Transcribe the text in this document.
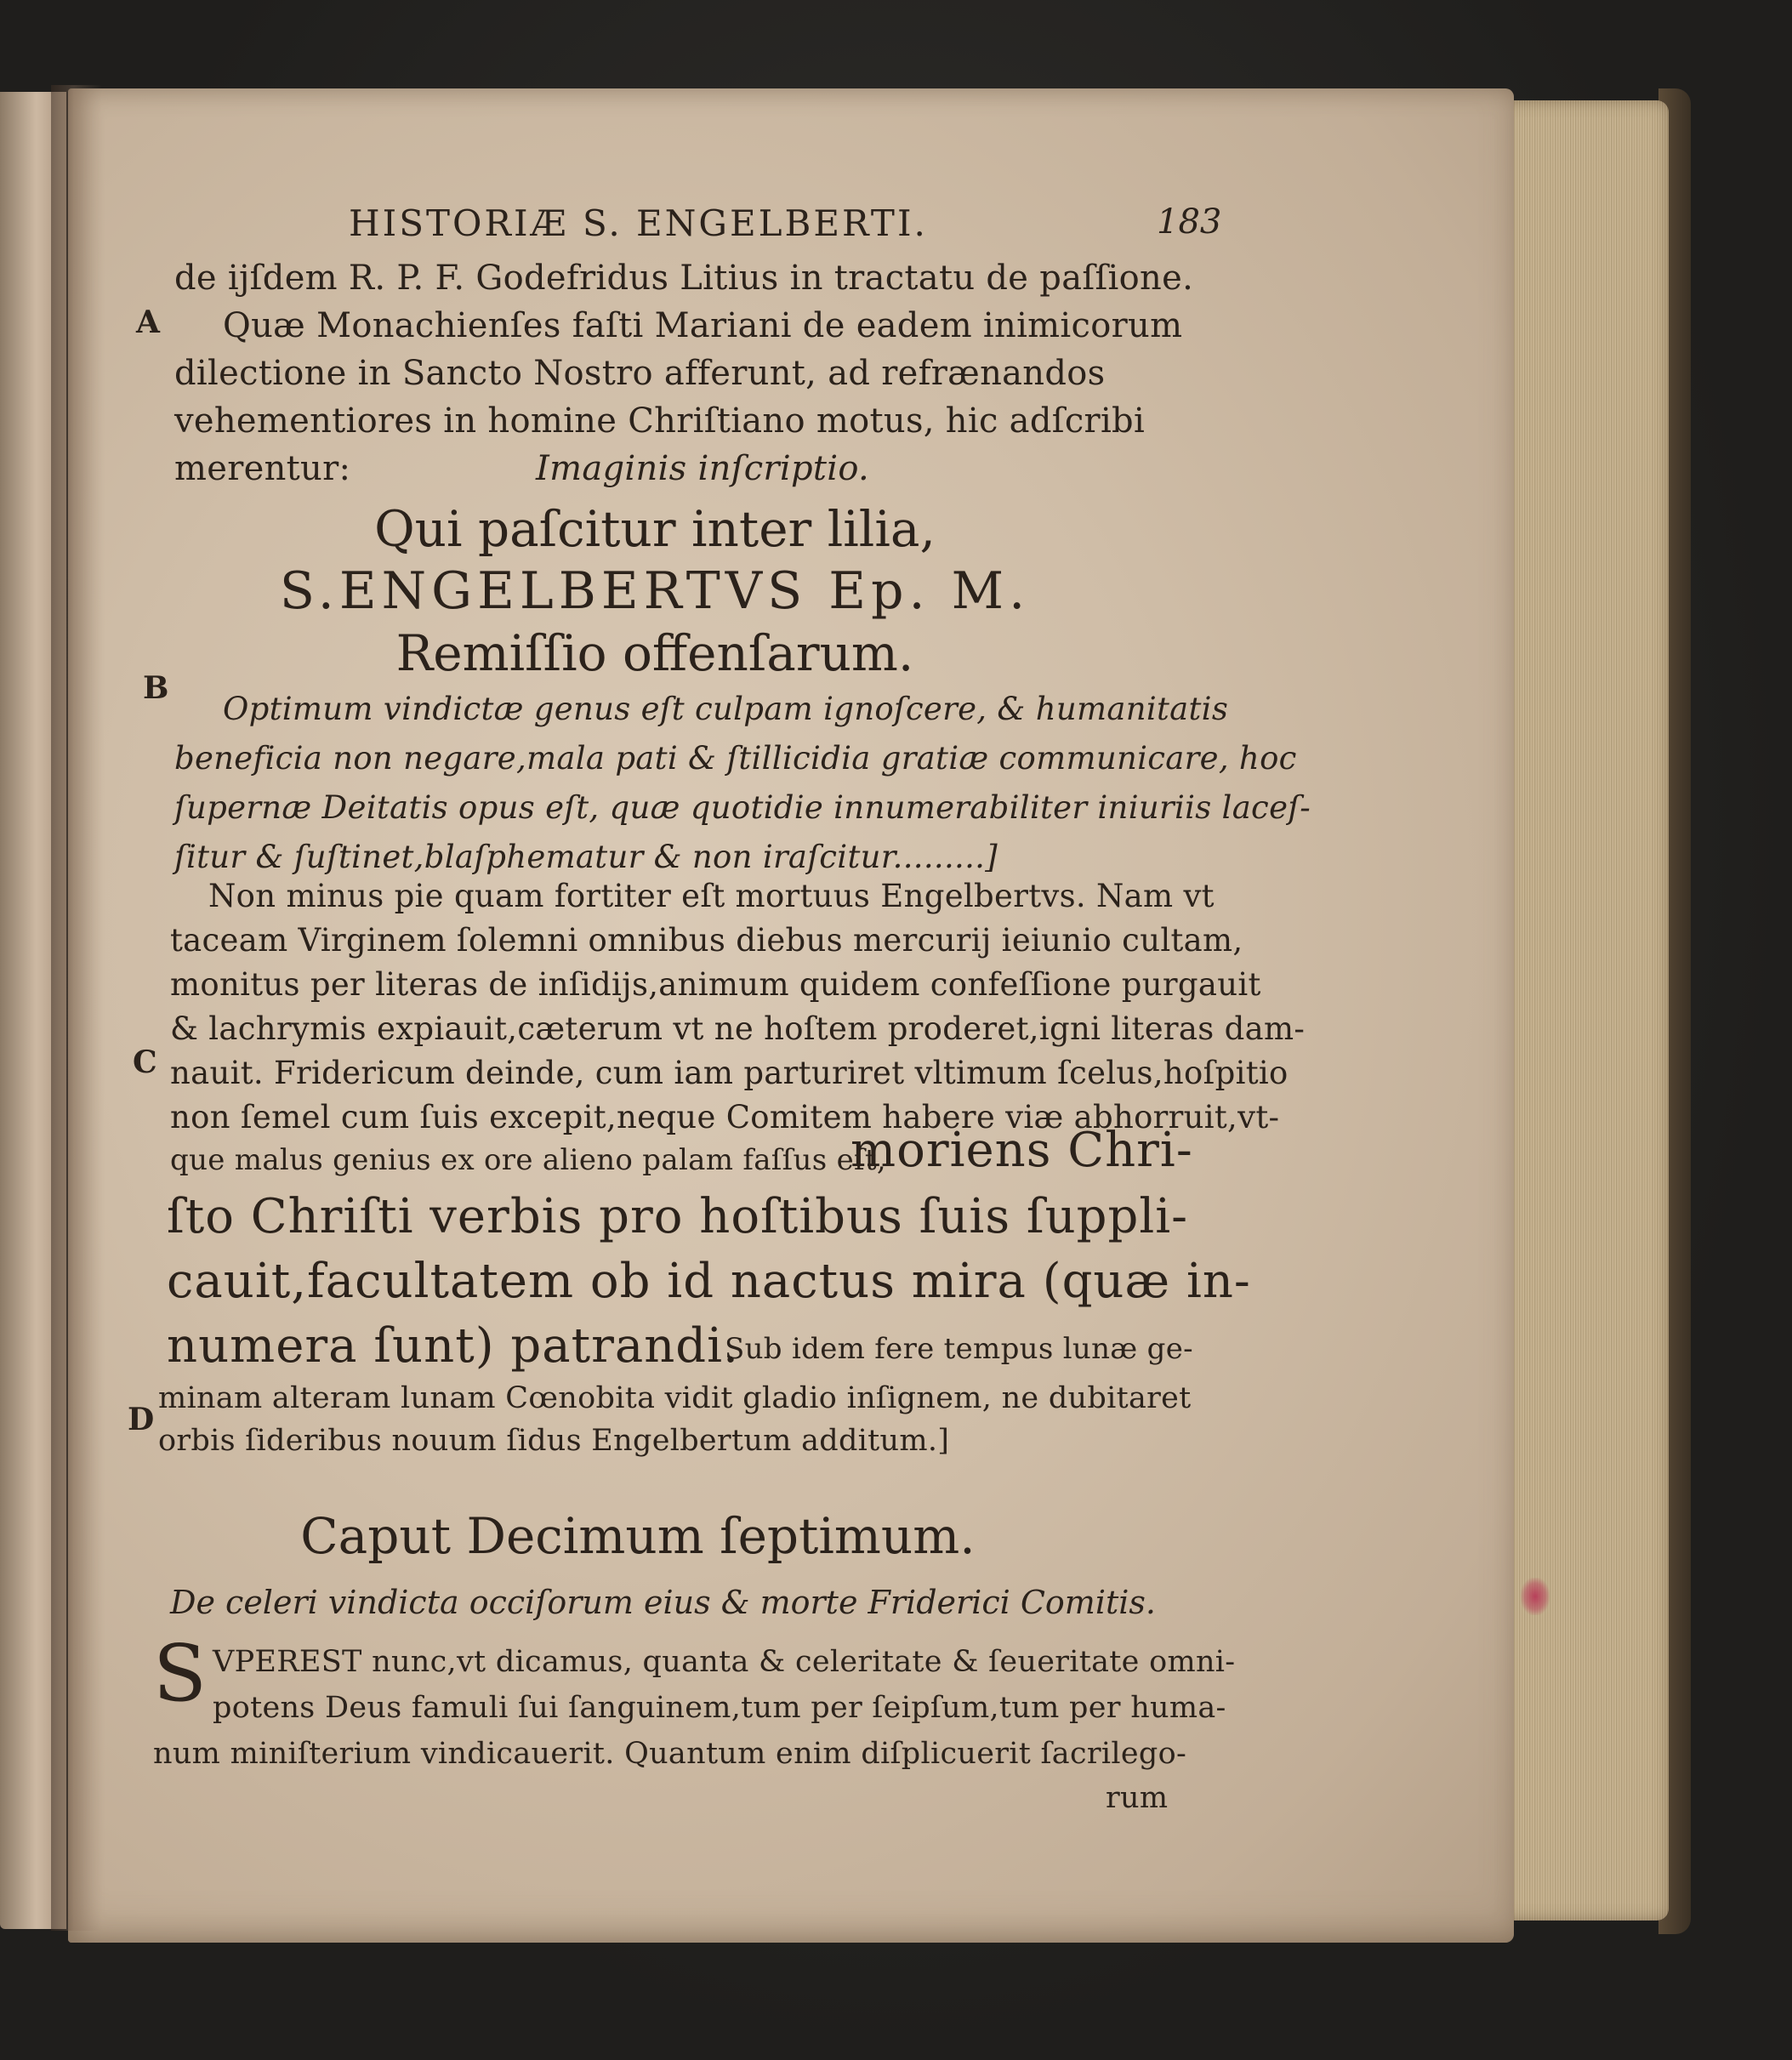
HISTORIÆ S. ENGELBERTI.	183
A
B
C
D
de ijſdem R. P. F. Godefridus Litius in tractatu de paſſione.
Quæ Monachienſes faſti Mariani de eadem inimicorum
dilectione in Sancto Nostro afferunt, ad refrænandos
vehementiores in homine Chriſtiano motus, hic adſcribi
merentur:	Imaginis inſcriptio.
Qui paſcitur inter lilia,
S.ENGELBERTVS Ep. M.
Remiſſio offenſarum.
Optimum vindictæ genus eſt culpam ignoſcere, & humanitatis
beneficia non negare,mala pati & ſtillicidia gratiæ communicare, hoc
ſupernæ Deitatis opus eſt, quæ quotidie innumerabiliter iniuriis laceſ-
ſitur & ſuſtinet,blaſphematur & non iraſcitur.........]
Non minus pie quam fortiter eſt mortuus Engelbertvs. Nam vt
taceam Virginem ſolemni omnibus diebus mercurij ieiunio cultam,
monitus per literas de inſidijs,animum quidem confeſſione purgauit
& lachrymis expiauit,cæterum vt ne hoſtem proderet,igni literas dam-
nauit. Fridericum deinde, cum iam parturiret vltimum ſcelus,hoſpitio
non ſemel cum ſuis excepit,neque Comitem habere viæ abhorruit,vt-
que malus genius ex ore alieno palam faſſus eſt,
moriens Chri-
ſto Chriſti verbis pro hoſtibus ſuis ſuppli-
cauit,facultatem ob id nactus mira (quæ in-
numera ſunt) patrandi.
Sub idem fere tempus lunæ ge-
minam alteram lunam Cœnobita vidit gladio inſignem, ne dubitaret
orbis ſideribus nouum ſidus Engelbertum additum.]
Caput Decimum ſeptimum.
De celeri vindicta occiſorum eius & morte Friderici Comitis.
S VPEREST nunc,vt dicamus, quanta & celeritate & ſeueritate omni-
potens Deus famuli ſui ſanguinem,tum per ſeipſum,tum per huma-
num miniſterium vindicauerit. Quantum enim diſplicuerit ſacrilego-
rum
